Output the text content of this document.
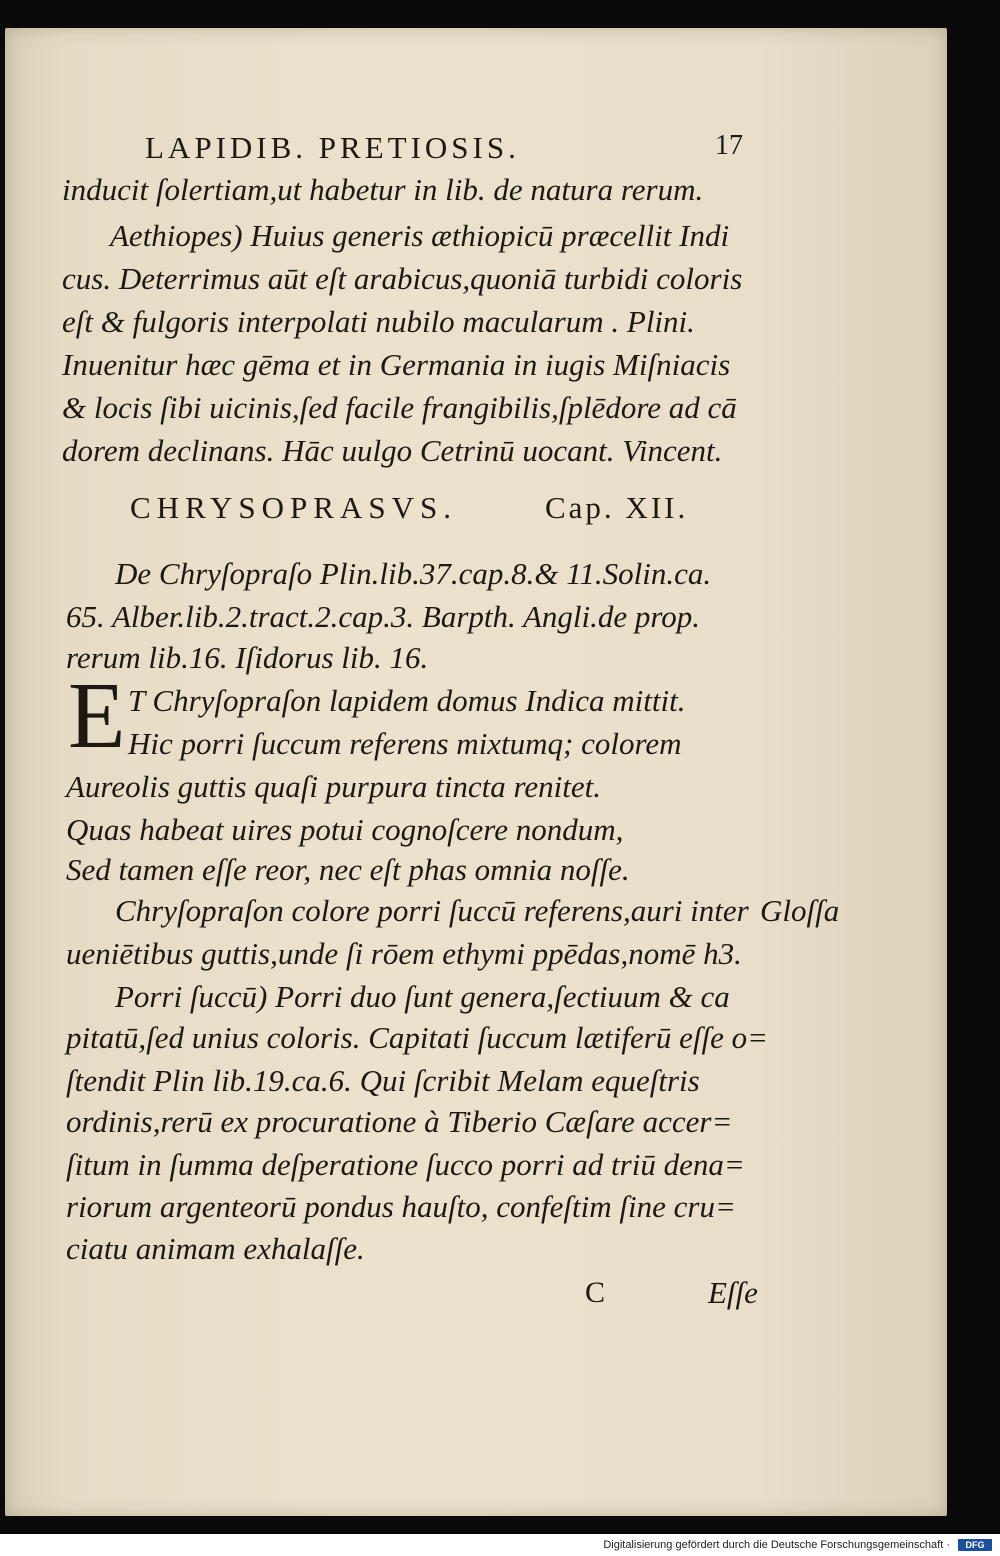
LAPIDIB. PRETIOSIS.	17
inducit ſolertiam,ut habetur in lib. de natura rerum.
Aethiopes) Huius generis æthiopicū præcellit Indi
cus. Deterrimus aūt eſt arabicus,quoniā turbidi coloris
eſt & fulgoris interpolati nubilo macularum . Plini.
Inuenitur hæc gēma et in Germania in iugis Miſniacis
& locis ſibi uicinis,ſed facile frangibilis,ſplēdore ad cā
dorem declinans. Hāc uulgo Cetrinū uocant. Vincent.
CHRYSOPRASVS.	Cap. XII.
De Chryſopraſo Plin.lib.37.cap.8.& 11.Solin.ca.
65. Alber.lib.2.tract.2.cap.3. Barpth. Angli.de prop.
rerum lib.16. Iſidorus lib. 16.
E T Chryſopraſon lapidem domus Indica mittit.
Hic porri ſuccum referens mixtumq; colorem
Aureolis guttis quaſi purpura tincta renitet.
Quas habeat uires potui cognoſcere nondum,
Sed tamen eſſe reor, nec eſt phas omnia noſſe.
Chryſopraſon colore porri ſuccū referens,auri inter Gloſſa
ueniētibus guttis,unde ſi rōem ethymi ppēdas,nomē h3.
Porri ſuccū) Porri duo ſunt genera,ſectiuum & ca
pitatū,ſed unius coloris. Capitati ſuccum lætiferū eſſe o=
ſtendit Plin lib.19.ca.6. Qui ſcribit Melam equeſtris
ordinis,rerū ex procuratione à Tiberio Cæſare accer=
ſitum in ſumma deſperatione ſucco porri ad triū dena=
riorum argenteorū pondus hauſto, confeſtim ſine cru=
ciatu animam exhalaſſe.
C	Eſſe
Digitalisierung gefördert durch die Deutsche Forschungsgemeinschaft ·	DFG
